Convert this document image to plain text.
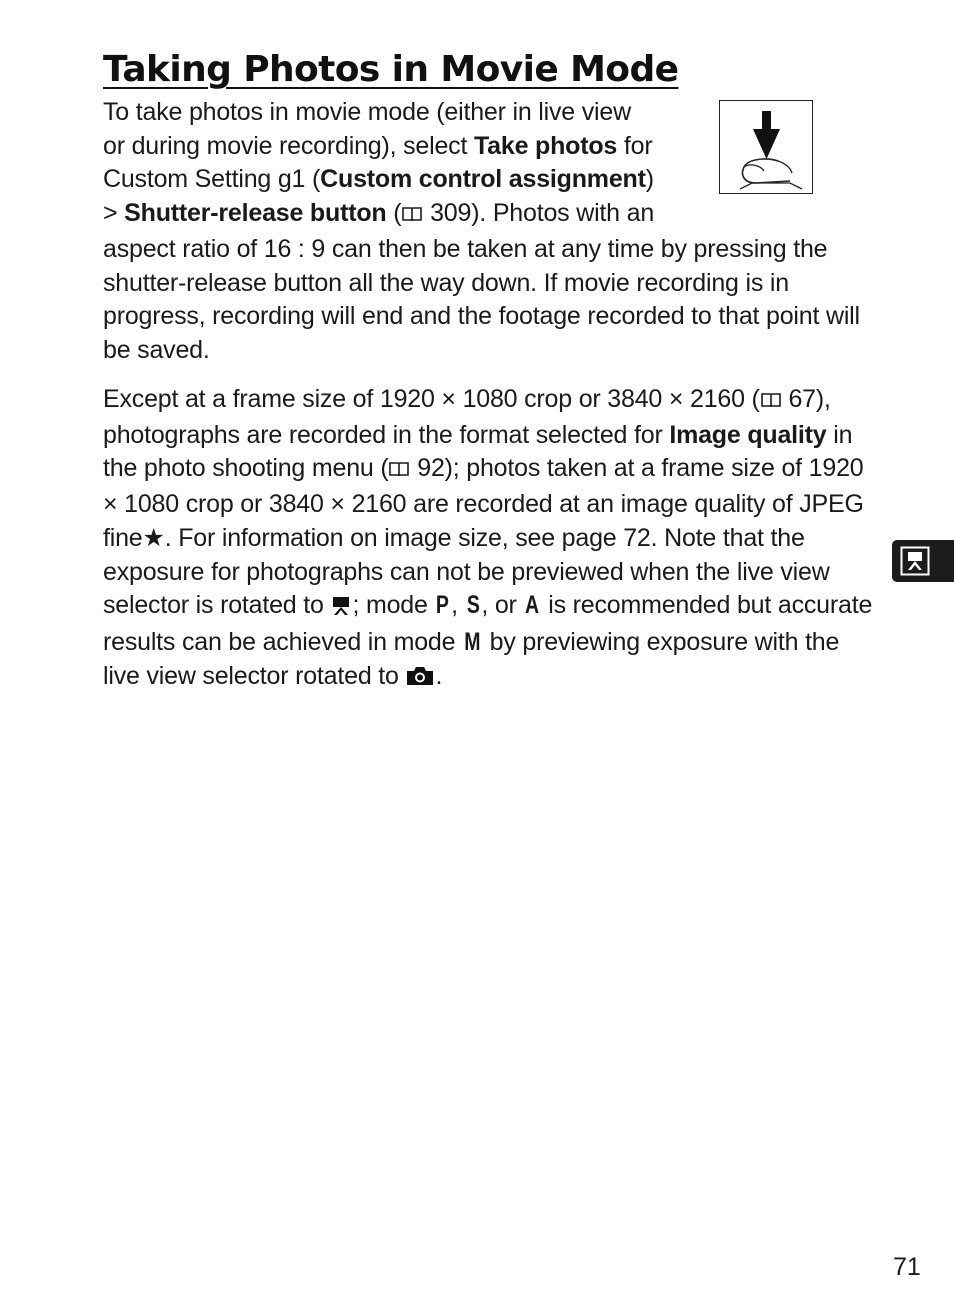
Taking Photos in Movie Mode

To take photos in movie mode (either in live view or during movie recording), select Take photos for Custom Setting g1 (Custom control assignment) > Shutter-release button ( 309). Photos with an aspect ratio of 16 : 9 can then be taken at any time by pressing the shutter-release button all the way down. If movie recording is in progress, recording will end and the footage recorded to that point will be saved.

Except at a frame size of 1920 × 1080 crop or 3840 × 2160 ( 67), photographs are recorded in the format selected for Image quality in the photo shooting menu ( 92); photos taken at a frame size of 1920 × 1080 crop or 3840 × 2160 are recorded at an image quality of JPEG fine★. For information on image size, see page 72. Note that the exposure for photographs can not be previewed when the live view selector is rotated to ; mode P, S, or A is recommended but accurate results can be achieved in mode M by previewing exposure with the live view selector rotated to .

71
